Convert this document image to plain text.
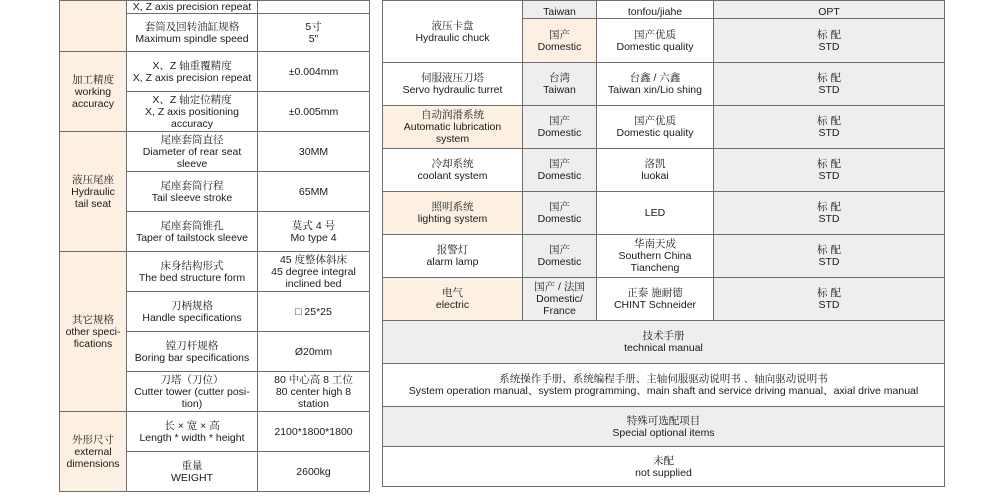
	X, Z axis precision repeat	

	套筒及回转油缸规格
Maximum spindle speed	5寸
5"

加工精度
working
accuracy	X、Z 轴重覆精度
X, Z axis precision repeat	±0.004mm

	X、Z 轴定位精度
X, Z axis positioning
accuracy	±0.005mm

液压尾座
Hydraulic
tail seat	尾座套筒直径
Diameter of rear seat
sleeve	30MM

	尾座套筒行程
Tail sleeve stroke	65MM

	尾座套筒锥孔
Taper of tailstock sleeve	莫式 4 号
Mo type 4

其它规格
other speci-
fications	床身结构形式
The bed structure form	45 度整体斜床
45 degree integral
inclined bed

	刀柄规格
Handle specifications	□ 25*25

	镗刀杆规格
Boring bar specifications	Ø20mm

	刀塔（刀位）
Cutter tower (cutter posi-
tion)	80 中心高 8 工位
80 center high 8
station

外形尺寸
external
dimensions	长 × 宽 × 高
Length * width * height	2100*1800*1800

	重量
WEIGHT	2600kg
液压卡盘
Hydraulic chuck	Taiwan	tonfou/jiahe	OPT

	国产
Domestic	国产优质
Domestic quality	标 配
STD

伺服液压刀塔
Servo hydraulic turret	台湾
Taiwan	台鑫 / 六鑫
Taiwan xin/Lio shing	标 配
STD

自动润滑系统
Automatic lubrication
system	国产
Domestic	国产优质
Domestic quality	标 配
STD

冷却系统
coolant system	国产
Domestic	洛凯
luokai	标 配
STD

照明系统
lighting system	国产
Domestic	LED	标 配
STD

报警灯
alarm lamp	国产
Domestic	华南天成
Southern China
Tiancheng	标 配
STD

电气
electric	国产 / 法国
Domestic/
France	正泰 施耐德
CHINT Schneider	标 配
STD

技术手册
technical manual			

系统操作手册、系统编程手册、主轴伺服驱动说明书 、轴向驱动说明书
System operation manual、system programming、main shaft and service driving manual、axial drive manual			

特殊可选配项目
Special optional items			

未配
not supplied			
